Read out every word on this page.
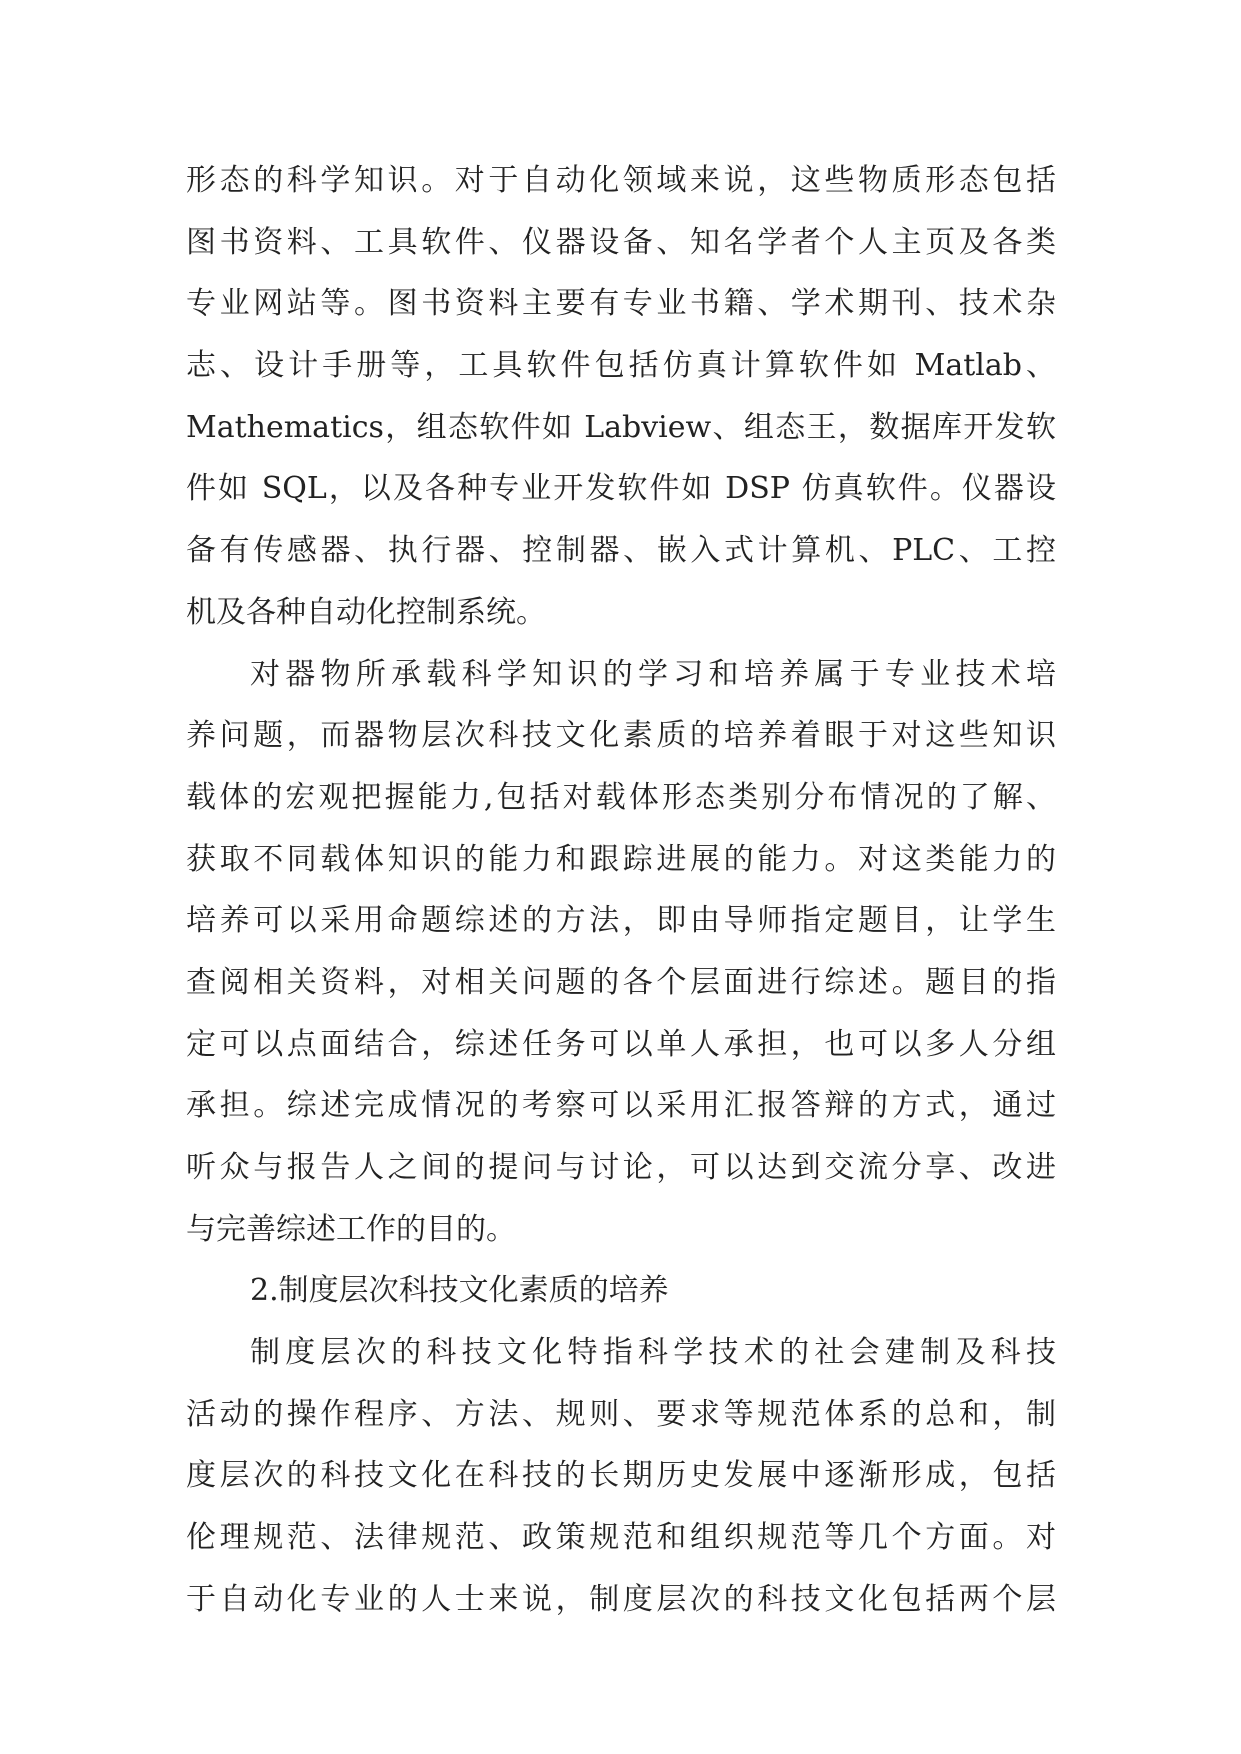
形态的科学知识。对于自动化领域来说，这些物质形态包括
图书资料、工具软件、仪器设备、知名学者个人主页及各类
专业网站等。图书资料主要有专业书籍、学术期刊、技术杂
志、设计手册等，工具软件包括仿真计算软件如 Matlab、
Mathematics，组态软件如 Labview、组态王，数据库开发软
件如 SQL，以及各种专业开发软件如 DSP 仿真软件。仪器设
备有传感器、执行器、控制器、嵌入式计算机、PLC、工控
机及各种自动化控制系统。
对器物所承载科学知识的学习和培养属于专业技术培
养问题，而器物层次科技文化素质的培养着眼于对这些知识
载体的宏观把握能力,包括对载体形态类别分布情况的了解、
获取不同载体知识的能力和跟踪进展的能力。对这类能力的
培养可以采用命题综述的方法，即由导师指定题目，让学生
查阅相关资料，对相关问题的各个层面进行综述。题目的指
定可以点面结合，综述任务可以单人承担，也可以多人分组
承担。综述完成情况的考察可以采用汇报答辩的方式，通过
听众与报告人之间的提问与讨论，可以达到交流分享、改进
与完善综述工作的目的。
2.制度层次科技文化素质的培养
制度层次的科技文化特指科学技术的社会建制及科技
活动的操作程序、方法、规则、要求等规范体系的总和，制
度层次的科技文化在科技的长期历史发展中逐渐形成，包括
伦理规范、法律规范、政策规范和组织规范等几个方面。对
于自动化专业的人士来说，制度层次的科技文化包括两个层
